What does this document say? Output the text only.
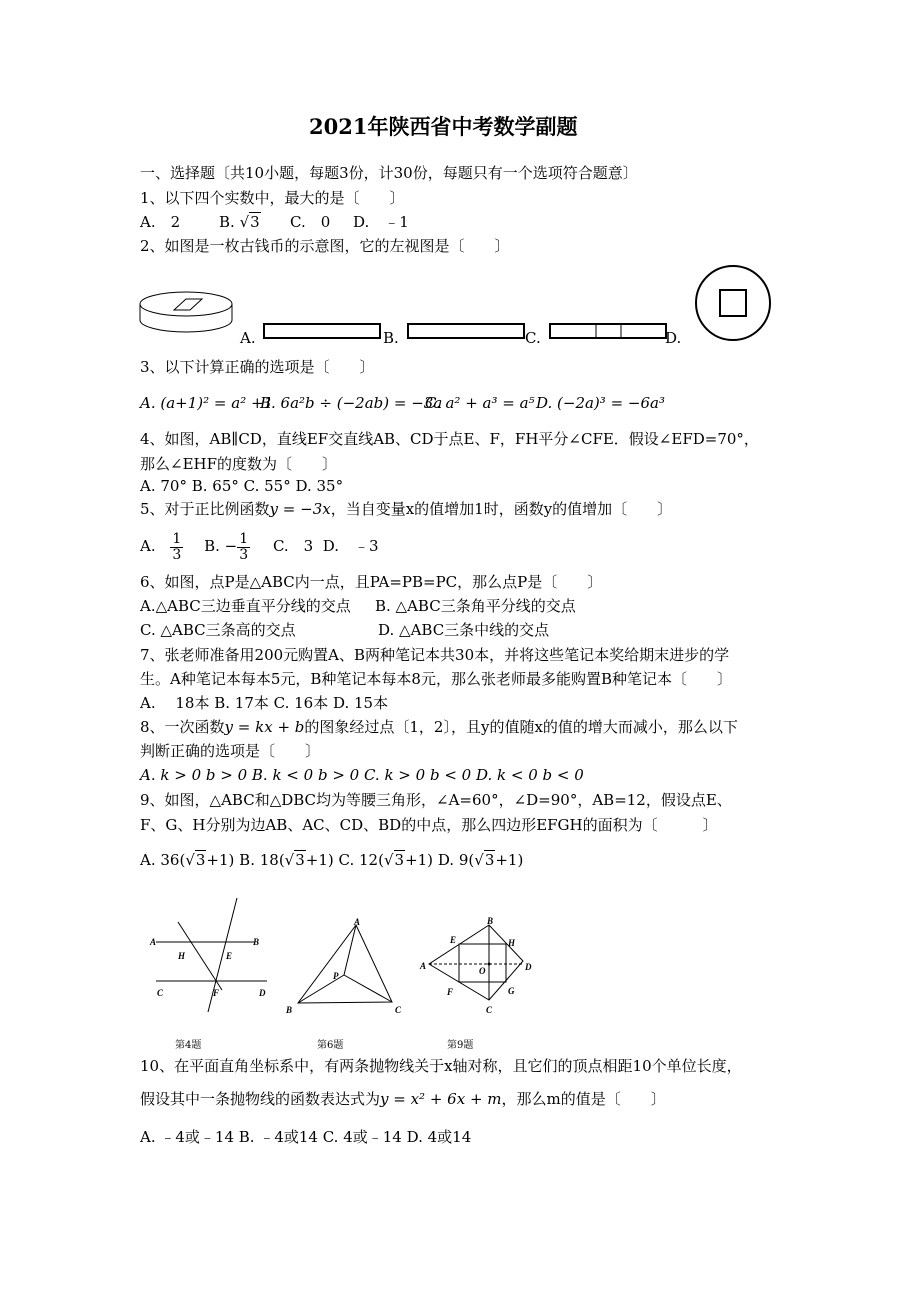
2021年陕西省中考数学副题
一、选择题〔共10小题，每题3份，计30份，每题只有一个选项符合题意〕
1、以下四个实数中，最大的是〔　　〕
A.　2	B. √3 C.　0 D.　﹣1
2、如图是一枚古钱币的示意图，它的左视图是〔　　〕
A.	B.	C.	D.
3、以下计算正确的选项是〔　　〕
A. (a+1)² = a² +1
B. 6a²b ÷ (−2ab) = −3a
C. a² + a³ = a⁵ D. (−2a)³ = −6a³
4、如图，AB∥CD，直线EF交直线AB、CD于点E、F，FH平分∠CFE．假设∠EFD=70°，
那么∠EHF的度数为〔　　〕
A. 70° B. 65° C. 55° D. 35°
5、对于正比例函数y = −3x，当自变量x的值增加1时，函数y的值增加〔　　〕
A. $\frac{1}{3} B$. − $\frac{1}{3} C$.　3 D.　﹣3
6、如图，点P是△ABC内一点，且PA=PB=PC，那么点P是〔　　〕
A.△ABC三边垂直平分线的交点 B. △ABC三条角平分线的交点
C. △ABC三条高的交点	D. △ABC三条中线的交点
7、张老师准备用200元购置A、B两种笔记本共30本，并将这些笔记本奖给期末进步的学
生。A种笔记本每本5元，B种笔记本每本8元，那么张老师最多能购置B种笔记本〔　　〕
A.　 18本 B. 17本 C. 16本 D. 15本
8、一次函数y = kx + b的图象经过点〔1，2〕，且y的值随x的值的增大而减小，那么以下
判断正确的选项是〔　　〕
A. k > 0 b > 0 B. k < 0 b > 0 C. k > 0 b < 0 D. k < 0 b < 0
9、如图，△ABC和△DBC均为等腰三角形，∠A=60°，∠D=90°，AB=12，假设点E、
F、G、H分别为边AB、AC、CD、BD的中点，那么四边形EFGH的面积为〔　　　〕
A. 36(√3+1) B. 18(√3+1) C. 12(√3+1) D. 9(√3+1)
A	B
H	E
C	F	D
第4题
A
P
B	C
第6题
B
E	H
A	O	D
F	G
C
第9题
10、在平面直角坐标系中，有两条抛物线关于x轴对称，且它们的顶点相距10个单位长度，
假设其中一条抛物线的函数表达式为y = x² + 6x + m，那么m的值是〔　　〕
A. ﹣4或﹣14 B. ﹣4或14 C. 4或﹣14 D. 4或14
